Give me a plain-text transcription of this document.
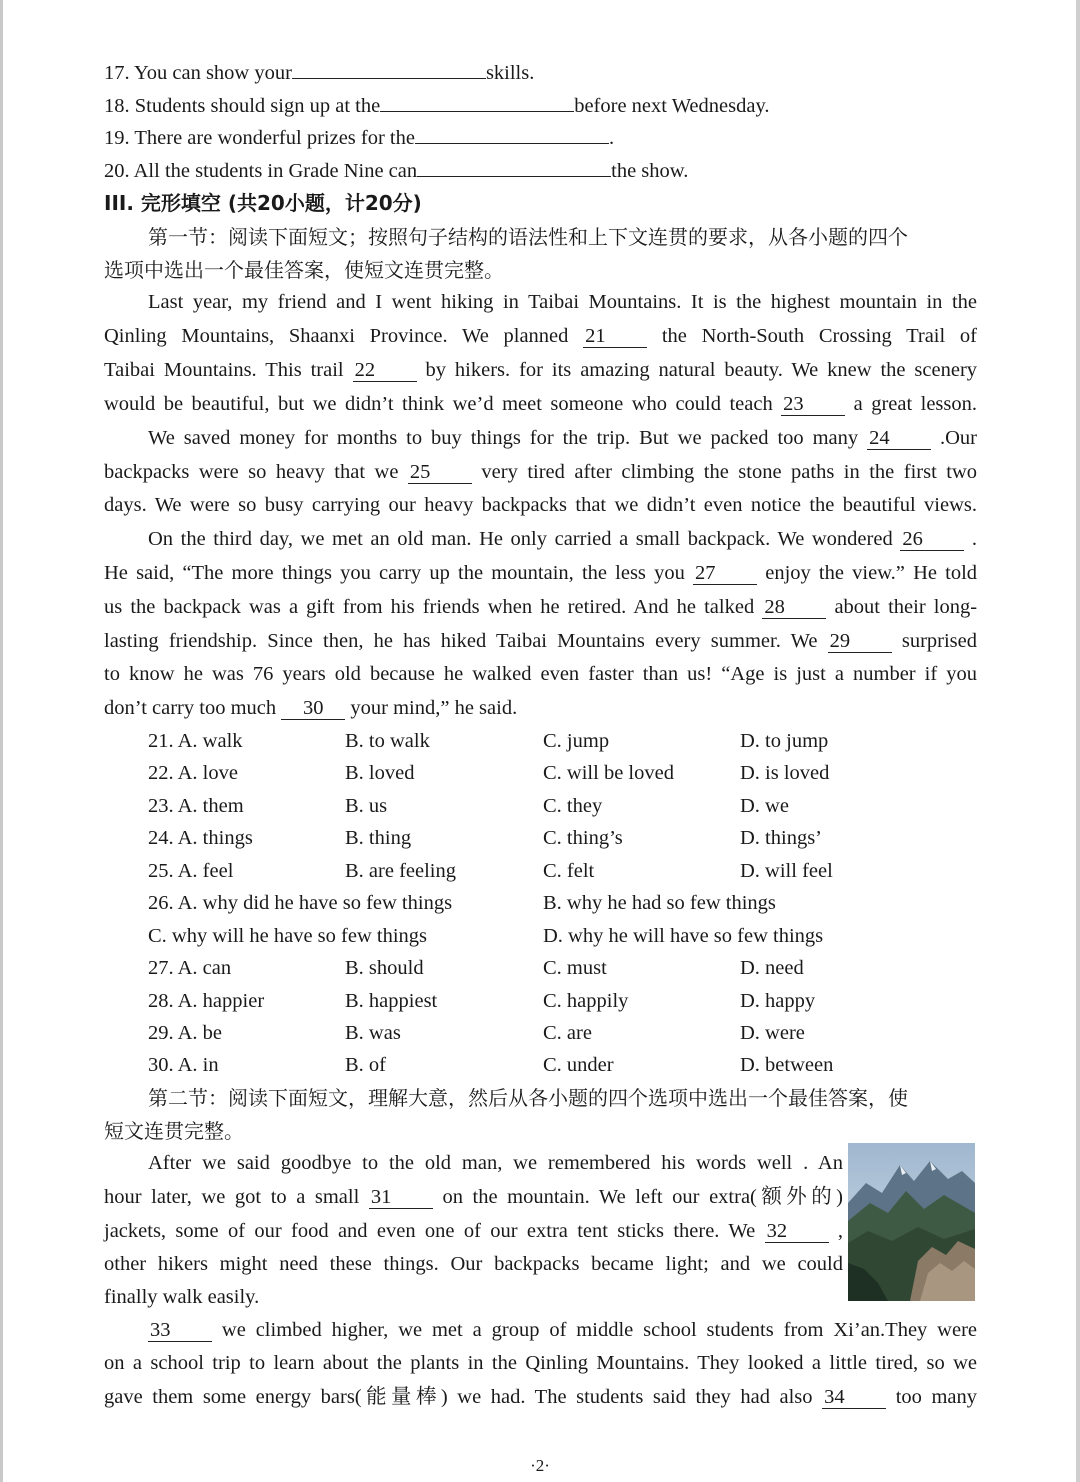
17. You can show your	skills.
18. Students should sign up at the	before next Wednesday.
19. There are wonderful prizes for the	.
20. All the students in Grade Nine can	the show.
III. 完形填空 (共20小题，计20分)
第一节：阅读下面短文；按照句子结构的语法性和上下文连贯的要求，从各小题的四个
选项中选出一个最佳答案，使短文连贯完整。
Last year, my friend and I went hiking in Taibai Mountains. It is the highest mountain in the
Qinling Mountains, Shaanxi Province. We planned 21	the North-South Crossing Trail of
Taibai Mountains. This trail 22 by hikers. for its amazing natural beauty. We knew the scenery
would be beautiful, but we didn’t think we’d meet someone who could teach 23 a great lesson.
We saved money for months to buy things for the trip. But we packed too many 24 .Our
backpacks were so heavy that we 25 very tired after climbing the stone paths in the first two
days. We were so busy carrying our heavy backpacks that we didn’t even notice the beautiful views.
On the third day, we met an old man. He only carried a small backpack. We wondered 26 .
He said, “The more things you carry up the mountain, the less you 27 enjoy the view.” He told
us the backpack was a gift from his friends when he retired. And he talked 28 about their long-
lasting friendship. Since then, he has hiked Taibai Mountains every summer. We 29	surprised
to know he was 76 years old because he walked even faster than us! “Age is just a number if you
don’t carry too much 30 your mind,” he said.
21. A. walk	B. to walk	C. jump	D. to jump
22. A. love	B. loved	C. will be loved	D. is loved
23. A. them	B. us	C. they	D. we
24. A. things	B. thing	C. thing’s	D. things’
25. A. feel	B. are feeling	C. felt	D. will feel
26. A. why did he have so few things	B. why he had so few things
C. why will he have so few things	D. why he will have so few things
27. A. can	B. should	C. must	D. need
28. A. happier	B. happiest	C. happily	D. happy
29. A. be	B. was	C. are	D. were
30. A. in	B. of	C. under	D. between
第二节：阅读下面短文，理解大意，然后从各小题的四个选项中选出一个最佳答案，使
短文连贯完整。
After we said goodbye to the old man, we remembered his words well . An
hour later, we got to a small 31 on the mountain. We left our extra(额外的)
jackets, some of our food and even one of our extra tent sticks there. We 32 ,
other hikers might need these things. Our backpacks became light; and we could
finally walk easily.
33	we climbed higher, we met a group of middle school students from Xi’an.They were
on a school trip to learn about the plants in the Qinling Mountains. They looked a little tired, so we
gave them some energy bars(能量棒) we had. The students said they had also 34 too many
·2·
